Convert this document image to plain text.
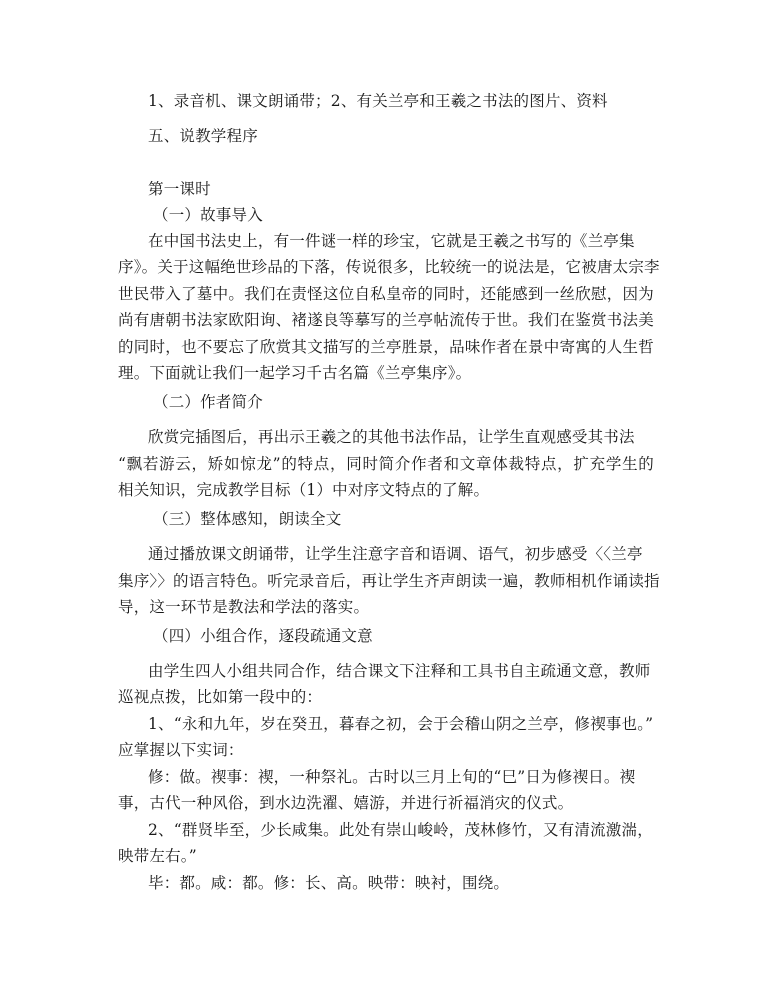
1、录音机、课文朗诵带；2、有关兰亭和王羲之书法的图片、资料
五、说教学程序
第一课时
（一）故事导入
在中国书法史上，有一件谜一样的珍宝，它就是王羲之书写的《兰亭集
序》。关于这幅绝世珍品的下落，传说很多，比较统一的说法是，它被唐太宗李
世民带入了墓中。我们在责怪这位自私皇帝的同时，还能感到一丝欣慰，因为
尚有唐朝书法家欧阳询、褚遂良等摹写的兰亭帖流传于世。我们在鉴赏书法美
的同时，也不要忘了欣赏其文描写的兰亭胜景，品味作者在景中寄寓的人生哲
理。下面就让我们一起学习千古名篇《兰亭集序》。
（二）作者简介
欣赏完插图后，再出示王羲之的其他书法作品，让学生直观感受其书法
“飘若游云，矫如惊龙”的特点，同时简介作者和文章体裁特点，扩充学生的
相关知识，完成教学目标（1）中对序文特点的了解。
（三）整体感知，朗读全文
通过播放课文朗诵带，让学生注意字音和语调、语气，初步感受〈〈兰亭
集序〉〉的语言特色。听完录音后，再让学生齐声朗读一遍，教师相机作诵读指
导，这一环节是教法和学法的落实。
（四）小组合作，逐段疏通文意
由学生四人小组共同合作，结合课文下注释和工具书自主疏通文意，教师
巡视点拨，比如第一段中的：
1、“永和九年，岁在癸丑，暮春之初，会于会稽山阴之兰亭，修禊事也。”
应掌握以下实词：
修：做。禊事：禊，一种祭礼。古时以三月上旬的“巳”日为修禊日。禊
事，古代一种风俗，到水边洗濯、嬉游，并进行祈福消灾的仪式。
2、“群贤毕至，少长咸集。此处有崇山峻岭，茂林修竹，又有清流激湍，
映带左右。”
毕：都。咸：都。修：长、高。映带：映衬，围绕。
